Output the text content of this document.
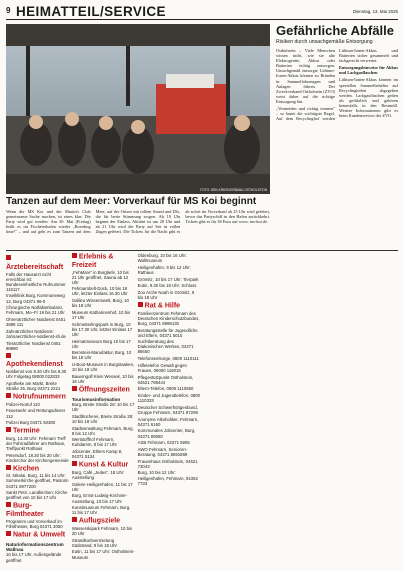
9 HEIMATTEIL/SERVICE	Dienstag, 13. Mai 2025
FOTO: DRK-KREISVERBAND OSTHOLSTEIN
Tanzen auf dem Meer: Vorverkauf für MS Koi beginnt
Wenn die MS Koi und der Martin's Club gemeinsame Sache machen, ist eines klar: Die Party wird gut werden. Am 30. Mai (Freitag) heißt es im Fischereihafen wieder „Boarding time!" – und auf geht es zum Tanzen auf dem Meer, auf der Ostsee mit tollem Sound und DJs, die für beste Stimmung sorgen. Ab 19 Uhr beginnt der Einlass, Abfahrt ist um 20 Uhr und ab 21 Uhr wird die Party auf See in vollen Zügen gefeiert. Die Tickets für die Nacht gibt es ab sofort im Vorverkauf ab 23 Uhr wird gefeiert, bevor das Partyschiff in den Hafen zurückkehrt. Tickets gibt es für 38 Euro auf www. ms-koi.de.
Gefährliche Abfälle
Risiken durch unsachgemäße Entsorgung

Ostholstein – Viele Menschen wissen nicht, wie sie alte Elektrogeräte, Akkus oder Batterien richtig entsorgen. Unsachgemäß entsorgte Lithium-Ionen-Akkus können zu Bränden in Sammelfahrzeugen und Anlagen führen. Der Zweckverband Ostholstein (ZVO) weist daher auf die richtige Entsorgung hin.

„Vermeiden und richtig trennen" – so lautet die wichtigste Regel. Auf dem Recyclinghof werden Lithium-Ionen-Akkus und Batterien sicher gesammelt und fachgerecht verwertet.

Entsorgungshinweise für Akkus und Lachgasflaschen

Lithium-Ionen-Akkus können im speziellen Sammelbehälter auf Recyclinghöfen abgegeben werden. Lachgasflaschen gelten als gefährlich und gehören keinesfalls in den Restmüll. Weitere Informationen gibt es beim Kundenservice des ZVO.

Ärztebereitschaft

Falls der Hausarzt nicht erreichbar ist: Bundeseinheitliche Rufnummer 116117

Inselklinik Burg, Kommuneweg 12, Burg 04371 88-0

Chirurgische Notfallambulanz, Fehmarn, Mo–Fr 19 bis 21 Uhr

Ohrenärztlicher Notdienst 0451 3888 111

Zahnärztlicher Notdienst: zahnaerztlicher-notdienst-sh.de

Tierärztlicher Notdienst 0451 88980

Apothekendienst

Notdienst von 8.30 Uhr bis 8.30 Uhr Folgetag 08000 022833

Apotheke am Markt, Breite Straße 25, Burg 04371 2221

Notrufnummern

Polizei-Notruf 110

Feuerwehr und Rettungsdienst 112

Polizei Burg 04371 50380

Termine

Burg, 14.30 Uhr: Fehmarn Treff der Fahrradfahrer am Rathaus, Treffpunkt Rathaus

Petersdorf, 18.30 bis 20 Uhr: Kinderchor der Kirchengemeinde

Kirchen

St. Nikolai, Burg, 11 bis 14 Uhr: Sommerkirche geöffnet, Pastorin 04371 8977200

Sankt Petri, Landkirchen: Kirche geöffnet von 10 bis 17 Uhr

Burg-Filmtheater

Programm und Vorverkauf im Filmtheater, Burg 04371 3050

Natur & Umwelt
Naturinformationszentrum Wallnau

10 bis 17 Uhr, Außengelände geöffnet

Erlebnis & Freizeit

„FehMare" in Burgtiefe, 10 bis 21 Uhr geöffnet, Sauna ab 12 Uhr

Fehmarnbelt-Dock, 10 bis 18 Uhr, letzter Einlass 16.30 Uhr

Galileo Wissenswelt, Burg, 10 bis 18 Uhr

Museum Katharinenhof, 10 bis 17 Uhr

Schmetterlingspark in Burg, 10 bis 17.30 Uhr, letzter Einlass 17 Uhr

Heimatmuseum Burg 10 bis 17 Uhr

Bernstein-Manufaktur, Burg, 10 bis 18 Uhr

U-Boot-Museum in Burgstaaken, 10 bis 18 Uhr

Bauerngolf Klein Wessek, 10 bis 18 Uhr

Öffnungszeiten
Tourismusinformation

Burg, Breite Straße 28: 10 bis 17 Uhr

Stadtbücherei, Breite Straße 28: 10 bis 18 Uhr

Stadtverwaltung Fehmarn, Burg, 8 bis 12 Uhr

Wertstoffhof Fehmarn, Kuhdamm, 8 bis 17 Uhr

Jobcenter, Ehlers Kamp 8, 04371 5134

Kunst & Kultur

Burg, Café „Jedes", 18 Uhr: Ausstellung

Galerie Heiligenhafen, 11 bis 17 Uhr

Burg, Ernst-Ludwig-Kirchner-Ausstellung, 10 bis 17 Uhr

Kunstmuseum Fehmarn, Burg, 11 bis 17 Uhr

Auflugsziele

Wasserskipark Fehmarn, 10 bis 20 Uhr

Strandkorbvermietung Südstrand, 9 bis 18 Uhr

Eutin, 11 bis 17 Uhr: Ostholstein-Museum

Oldenburg, 10 bis 16 Uhr: Wallmuseum

Heiligenhafen, 9 bis 12 Uhr: Rathaus

Grömitz, 10 bis 17 Uhr: Tierpark

Eutin, 9.30 bis 18 Uhr: Schloss

Zoo Arche Noah in Grömitz, 9 bis 18 Uhr

Rat & Hilfe

Familienzentrum Fehmarn des Deutschen Kinderschutzbundes, Burg, 04371 8898130

Beratungsstelle für Jugendliche und Eltern, 04371 5015

Suchtberatung des Diakonischen Werkes, 04371 86650

Telefonseelsorge, 0800 1110111

Hilfetelefon Gewalt gegen Frauen, 08000 116016

Pflegestützpunkt Ostholstein, 04521 788444

Eltern-Telefon, 0800 1110550

Kinder- und Jugendtelefon, 0800 1110333

Deutscher Schwerhörigenbund, Gruppe Fehmarn, 04371 87299

Anonyme Alkoholiker, Fehmarn, 04371 6160

Kommunales Jobcenter, Burg, 04371 89060

ASB Fehmarn, 04371 5995

AWO Fehmarn, Senioren-Beratung, 04371 8691888

Frauenhaus Ostholstein, 04521 73043

Burg, 10 bis 12 Uhr: Heiligenhafen, Fehmarn, 04362 7733
